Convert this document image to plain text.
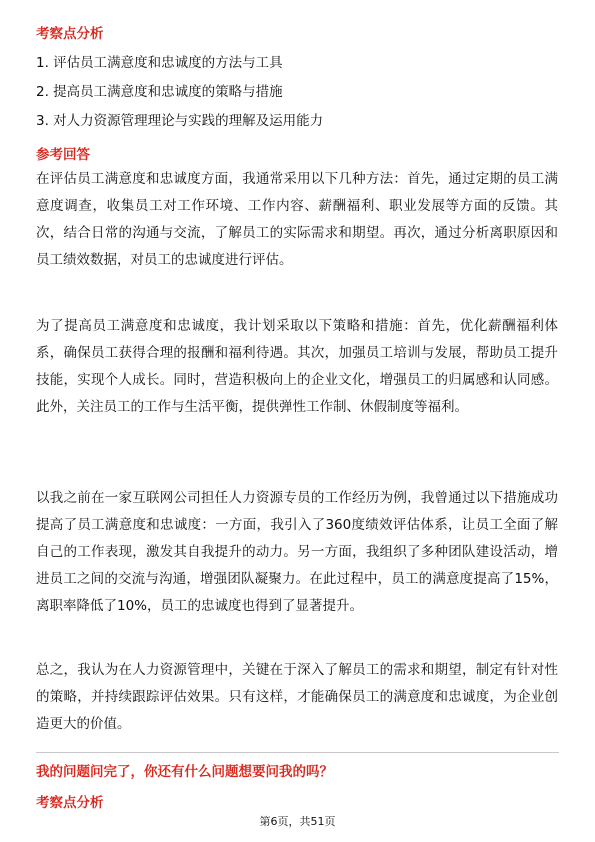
考察点分析
1. 评估员工满意度和忠诚度的方法与工具
2. 提高员工满意度和忠诚度的策略与措施
3. 对人力资源管理理论与实践的理解及运用能力
参考回答

在评估员工满意度和忠诚度方面，我通常采用以下几种方法：首先，通过定期的员工满意度调查，收集员工对工作环境、工作内容、薪酬福利、职业发展等方面的反馈。其次，结合日常的沟通与交流，了解员工的实际需求和期望。再次，通过分析离职原因和员工绩效数据，对员工的忠诚度进行评估。

为了提高员工满意度和忠诚度，我计划采取以下策略和措施：首先，优化薪酬福利体系，确保员工获得合理的报酬和福利待遇。其次，加强员工培训与发展，帮助员工提升技能，实现个人成长。同时，营造积极向上的企业文化，增强员工的归属感和认同感。此外，关注员工的工作与生活平衡，提供弹性工作制、休假制度等福利。

以我之前在一家互联网公司担任人力资源专员的工作经历为例，我曾通过以下措施成功提高了员工满意度和忠诚度：一方面，我引入了360度绩效评估体系，让员工全面了解自己的工作表现，激发其自我提升的动力。另一方面，我组织了多种团队建设活动，增进员工之间的交流与沟通，增强团队凝聚力。在此过程中，员工的满意度提高了15%，离职率降低了10%，员工的忠诚度也得到了显著提升。

总之，我认为在人力资源管理中，关键在于深入了解员工的需求和期望，制定有针对性的策略，并持续跟踪评估效果。只有这样，才能确保员工的满意度和忠诚度，为企业创造更大的价值。

我的问题问完了，你还有什么问题想要问我的吗？
考察点分析
第6页，共51页
